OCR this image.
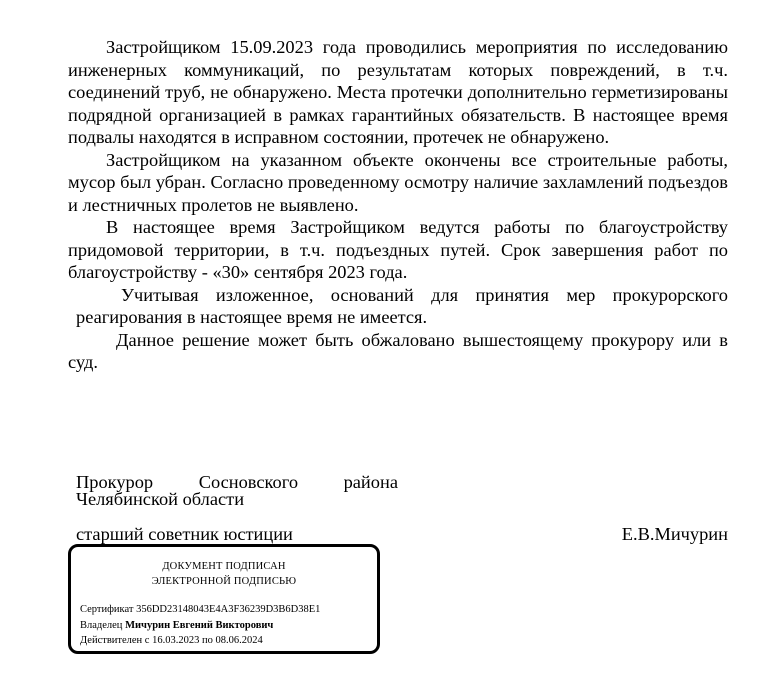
Застройщиком 15.09.2023 года проводились мероприятия по исследованию инженерных коммуникаций, по результатам которых повреждений, в т.ч. соединений труб, не обнаружено. Места протечки дополнительно герметизированы подрядной организацией в рамках гарантийных обязательств. В настоящее время подвалы находятся в исправном состоянии, протечек не обнаружено.

Застройщиком на указанном объекте окончены все строительные работы, мусор был убран. Согласно проведенному осмотру наличие захламлений подъездов и лестничных пролетов не выявлено.

В настоящее время Застройщиком ведутся работы по благоустройству придомовой территории, в т.ч. подъездных путей. Срок завершения работ по благоустройству - «30» сентября 2023 года.

Учитывая изложенное, оснований для принятия мер прокурорского реагирования в настоящее время не имеется.

Данное решение может быть обжаловано вышестоящему прокурору или в суд.

Прокурор Сосновского района
Челябинской области
старший советник юстиции	Е.В.Мичурин
ДОКУМЕНТ ПОДПИСАН
ЭЛЕКТРОННОЙ ПОДПИСЬЮ
Сертификат 356DD23148043E4A3F36239D3B6D38E1
Владелец Мичурин Евгений Викторович
Действителен с 16.03.2023 по 08.06.2024
